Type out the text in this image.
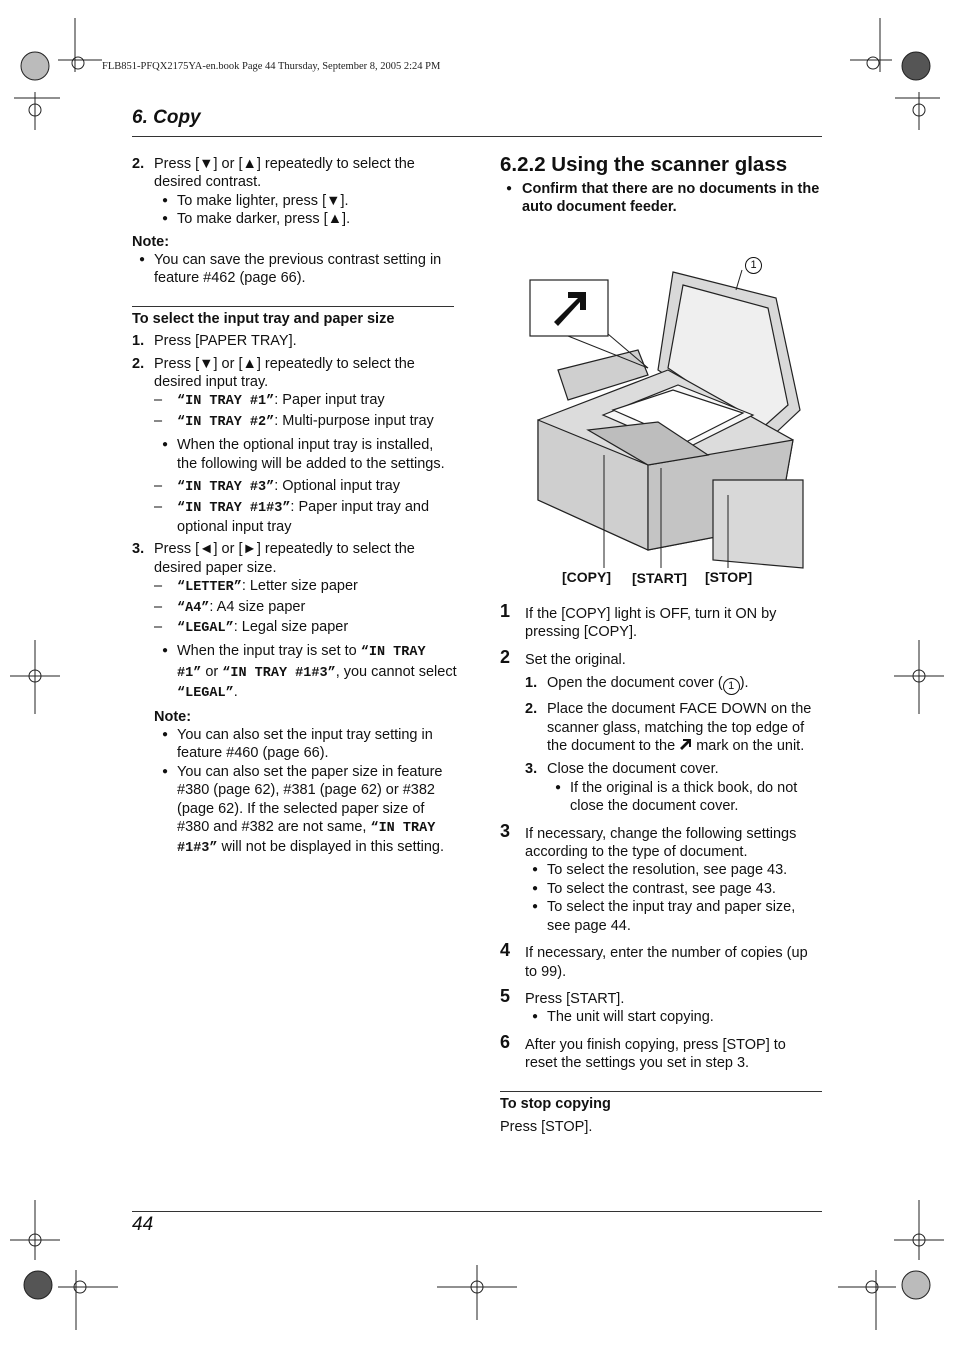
FLB851-PFQX2175YA-en.book Page 44 Thursday, September 8, 2005 2:24 PM
6. Copy
2. Press [▼] or [▲] repeatedly to select the desired contrast.

● To make lighter, press [▼].

● To make darker, press [▲].

Note:

● You can save the previous contrast setting in feature #462 (page 66).

To select the input tray and paper size

1. Press [PAPER TRAY].

2. Press [▼] or [▲] repeatedly to select the desired input tray.

– “IN TRAY #1”: Paper input tray

– “IN TRAY #2”: Multi-purpose input tray

● When the optional input tray is installed, the following will be added to the settings.

– “IN TRAY #3”: Optional input tray

– “IN TRAY #1#3”: Paper input tray and optional input tray

3. Press [◄] or [►] repeatedly to select the desired paper size.

– “LETTER”: Letter size paper

– “A4”: A4 size paper

– “LEGAL”: Legal size paper

● When the input tray is set to “IN TRAY #1” or “IN TRAY #1#3”, you cannot select “LEGAL”.

Note:

● You can also set the input tray setting in feature #460 (page 66).

● You can also set the paper size in feature #380 (page 62), #381 (page 62) or #382 (page 62). If the selected paper size of #380 and #382 are not same, “IN TRAY #1#3” will not be displayed in this setting.

6.2.2 Using the scanner glass
● Confirm that there are no documents in the auto document feeder.

1
[COPY] [START] [STOP]
1 If the [COPY] light is OFF, turn it ON by pressing [COPY].

2 Set the original.

1. Open the document cover ( 1 ).

2. Place the document FACE DOWN on the scanner glass, matching the top edge of the document to the  mark on the unit.

3. Close the document cover.

● If the original is a thick book, do not close the document cover.

3 If necessary, change the following settings according to the type of document.

● To select the resolution, see page 43.

● To select the contrast, see page 43.

● To select the input tray and paper size, see page 44.

4 If necessary, enter the number of copies (up to 99).

5 Press [START].

● The unit will start copying.

6 After you finish copying, press [STOP] to reset the settings you set in step 3.

To stop copying

Press [STOP].

44
